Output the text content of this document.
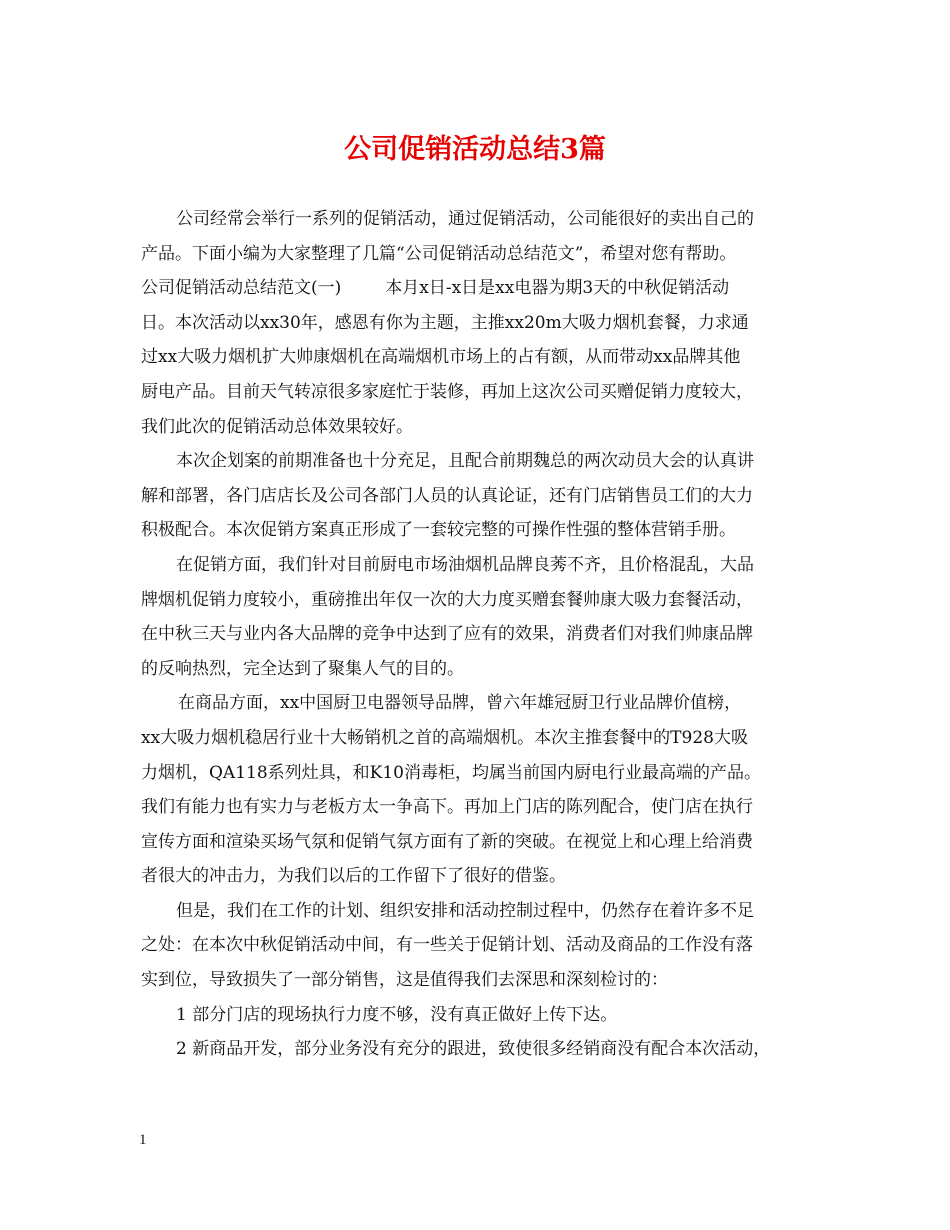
公司促销活动总结3篇
公司经常会举行一系列的促销活动，通过促销活动，公司能很好的卖出自己的
产品。下面小编为大家整理了几篇“公司促销活动总结范文”，希望对您有帮助。
公司促销活动总结范文(一)	本月x日-x日是xx电器为期3天的中秋促销活动
日。本次活动以xx30年，感恩有你为主题，主推xx20m大吸力烟机套餐，力求通
过xx大吸力烟机扩大帅康烟机在高端烟机市场上的占有额，从而带动xx品牌其他
厨电产品。目前天气转凉很多家庭忙于装修，再加上这次公司买赠促销力度较大，
我们此次的促销活动总体效果较好。
本次企划案的前期准备也十分充足，且配合前期魏总的两次动员大会的认真讲
解和部署，各门店店长及公司各部门人员的认真论证，还有门店销售员工们的大力
积极配合。本次促销方案真正形成了一套较完整的可操作性强的整体营销手册。
在促销方面，我们针对目前厨电市场油烟机品牌良莠不齐，且价格混乱，大品
牌烟机促销力度较小，重磅推出年仅一次的大力度买赠套餐帅康大吸力套餐活动，
在中秋三天与业内各大品牌的竞争中达到了应有的效果，消费者们对我们帅康品牌
的反响热烈，完全达到了聚集人气的目的。
在商品方面，xx中国厨卫电器领导品牌，曾六年雄冠厨卫行业品牌价值榜，
xx大吸力烟机稳居行业十大畅销机之首的高端烟机。本次主推套餐中的T928大吸
力烟机，QA118系列灶具，和K10消毒柜，均属当前国内厨电行业最高端的产品。
我们有能力也有实力与老板方太一争高下。再加上门店的陈列配合，使门店在执行
宣传方面和渲染买场气氛和促销气氛方面有了新的突破。在视觉上和心理上给消费
者很大的冲击力，为我们以后的工作留下了很好的借鉴。
但是，我们在工作的计划、组织安排和活动控制过程中，仍然存在着许多不足
之处：在本次中秋促销活动中间，有一些关于促销计划、活动及商品的工作没有落
实到位，导致损失了一部分销售，这是值得我们去深思和深刻检讨的：
1 部分门店的现场执行力度不够，没有真正做好上传下达。
2 新商品开发，部分业务没有充分的跟进，致使很多经销商没有配合本次活动，
1
